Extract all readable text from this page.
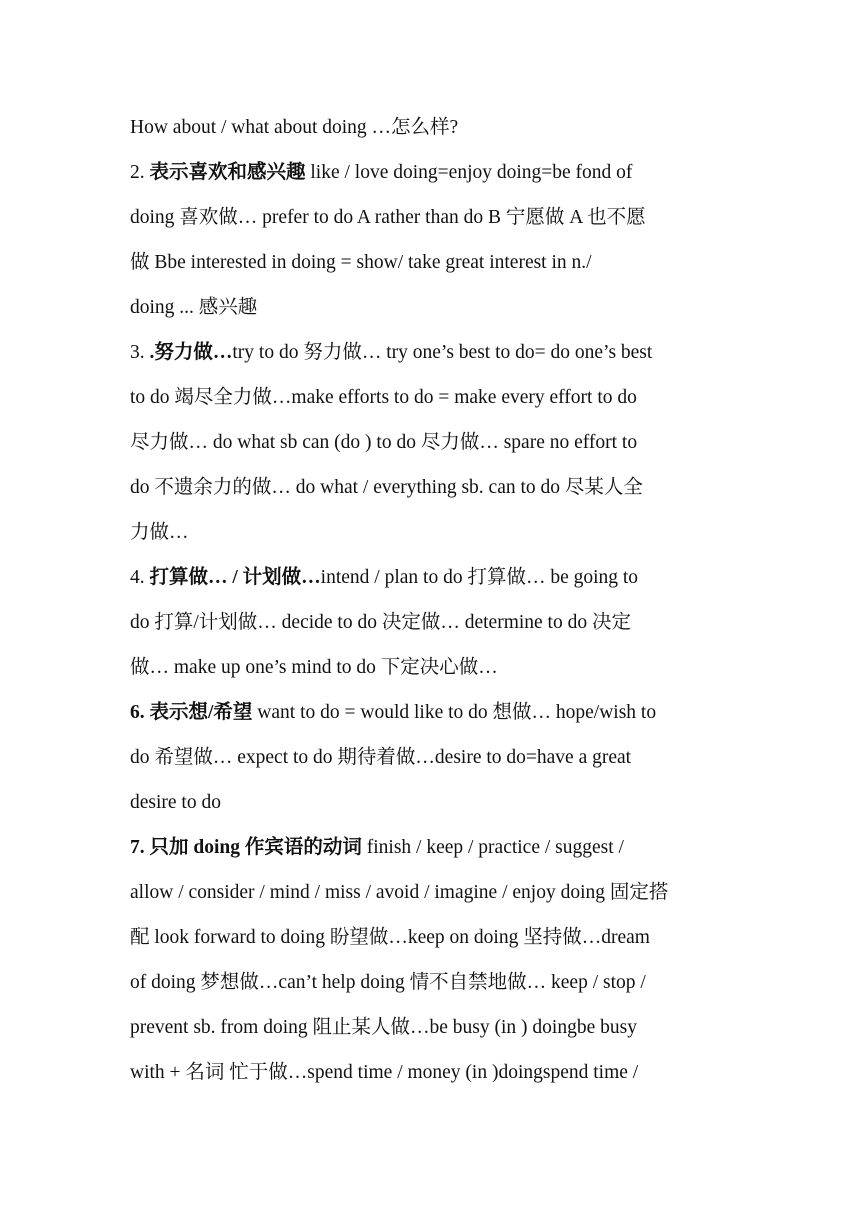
How about / what about doing …怎么样?
2. 表示喜欢和感兴趣 like / love doing=enjoy doing=be fond of
doing 喜欢做… prefer to do A rather than do B 宁愿做 A 也不愿
做 Bbe interested in doing = show/ take great interest in n./
doing ... 感兴趣
3. .努力做…try to do 努力做… try one’s best to do= do one’s best
to do 竭尽全力做…make efforts to do = make every effort to do
尽力做… do what sb can (do ) to do 尽力做… spare no effort to
do 不遗余力的做… do what / everything sb. can to do 尽某人全
力做…
4. 打算做… / 计划做…intend / plan to do 打算做… be going to
do 打算/计划做… decide to do 决定做… determine to do 决定
做… make up one’s mind to do 下定决心做…
6. 表示想/希望 want to do = would like to do 想做… hope/wish to
do 希望做… expect to do 期待着做…desire to do=have a great
desire to do
7. 只加 doing 作宾语的动词 finish / keep / practice / suggest /
allow / consider / mind / miss / avoid / imagine / enjoy doing 固定搭
配 look forward to doing 盼望做…keep on doing 坚持做…dream
of doing 梦想做…can’t help doing 情不自禁地做… keep / stop /
prevent sb. from doing 阻止某人做…be busy (in ) doingbe busy
with + 名词 忙于做…spend time / money (in )doingspend time /
